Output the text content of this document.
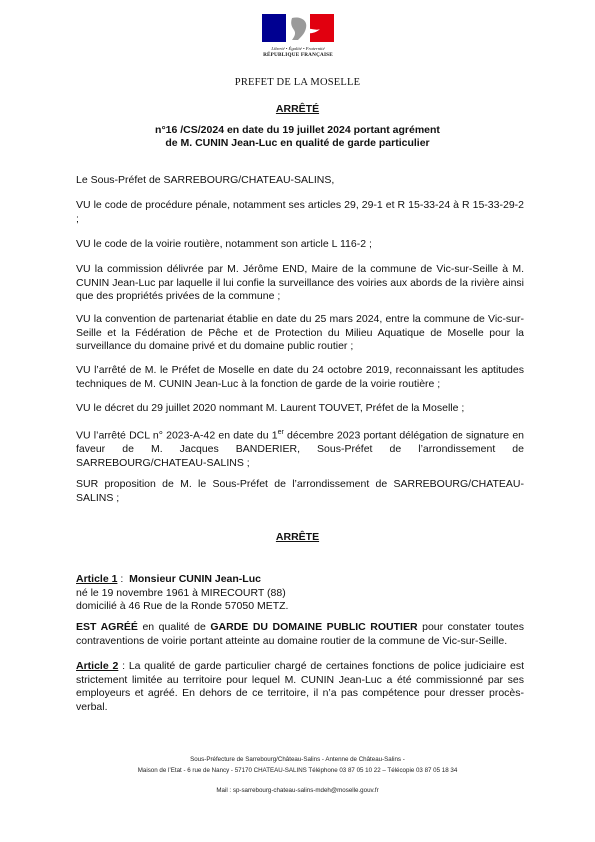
Liberté • Égalité • Fraternité
RÉPUBLIQUE FRANÇAISE
PREFET DE LA MOSELLE
ARRÊTÉ
n°16 /CS/2024 en date du 19 juillet 2024 portant agrément
de M. CUNIN Jean-Luc en qualité de garde particulier
Le Sous-Préfet de SARREBOURG/CHATEAU-SALINS,
VU le code de procédure pénale, notamment ses articles 29, 29-1 et R 15-33-24 à R 15-33-29-2 ;
VU le code de la voirie routière, notamment son article L 116-2 ;
VU la commission délivrée par M. Jérôme END, Maire de la commune de Vic-sur-Seille à M. CUNIN Jean-Luc par laquelle il lui confie la surveillance des voiries aux abords de la rivière ainsi que des propriétés privées de la commune ;
VU la convention de partenariat établie en date du 25 mars 2024, entre la commune de Vic-sur-Seille et la Fédération de Pêche et de Protection du Milieu Aquatique de Moselle pour la surveillance du domaine privé et du domaine public routier ;
VU l’arrêté de M. le Préfet de Moselle en date du 24 octobre 2019, reconnaissant les aptitudes techniques de M. CUNIN Jean-Luc à la fonction de garde de la voirie routière ;
VU le décret du 29 juillet 2020 nommant M. Laurent TOUVET, Préfet de la Moselle ;
VU l’arrêté DCL n° 2023-A-42 en date du 1er décembre 2023 portant délégation de signature en faveur de M. Jacques BANDERIER, Sous-Préfet de l’arrondissement de SARREBOURG/CHATEAU-SALINS ;
SUR proposition de M. le Sous-Préfet de l’arrondissement de SARREBOURG/CHATEAU-SALINS ;
ARRÊTE
Article 1 :  Monsieur CUNIN Jean-Luc
né le 19 novembre 1961 à MIRECOURT (88)
domicilié à 46 Rue de la Ronde 57050 METZ.
EST AGRÉÉ en qualité de GARDE DU DOMAINE PUBLIC ROUTIER pour constater toutes contraventions de voirie portant atteinte au domaine routier de la commune de Vic-sur-Seille.
Article 2 : La qualité de garde particulier chargé de certaines fonctions de police judiciaire est strictement limitée au territoire pour lequel M. CUNIN Jean-Luc a été commissionné par ses employeurs et agréé. En dehors de ce territoire, il n’a pas compétence pour dresser procès-verbal.
Sous-Préfecture de Sarrebourg/Château-Salins - Antenne de Château-Salins -
Maison de l’Etat - 6 rue de Nancy - 57170 CHATEAU-SALINS Téléphone 03 87 05 10 22 – Télécopie 03 87 05 18 34
Mail : sp-sarrebourg-chateau-salins-mdeh@moselle.gouv.fr
